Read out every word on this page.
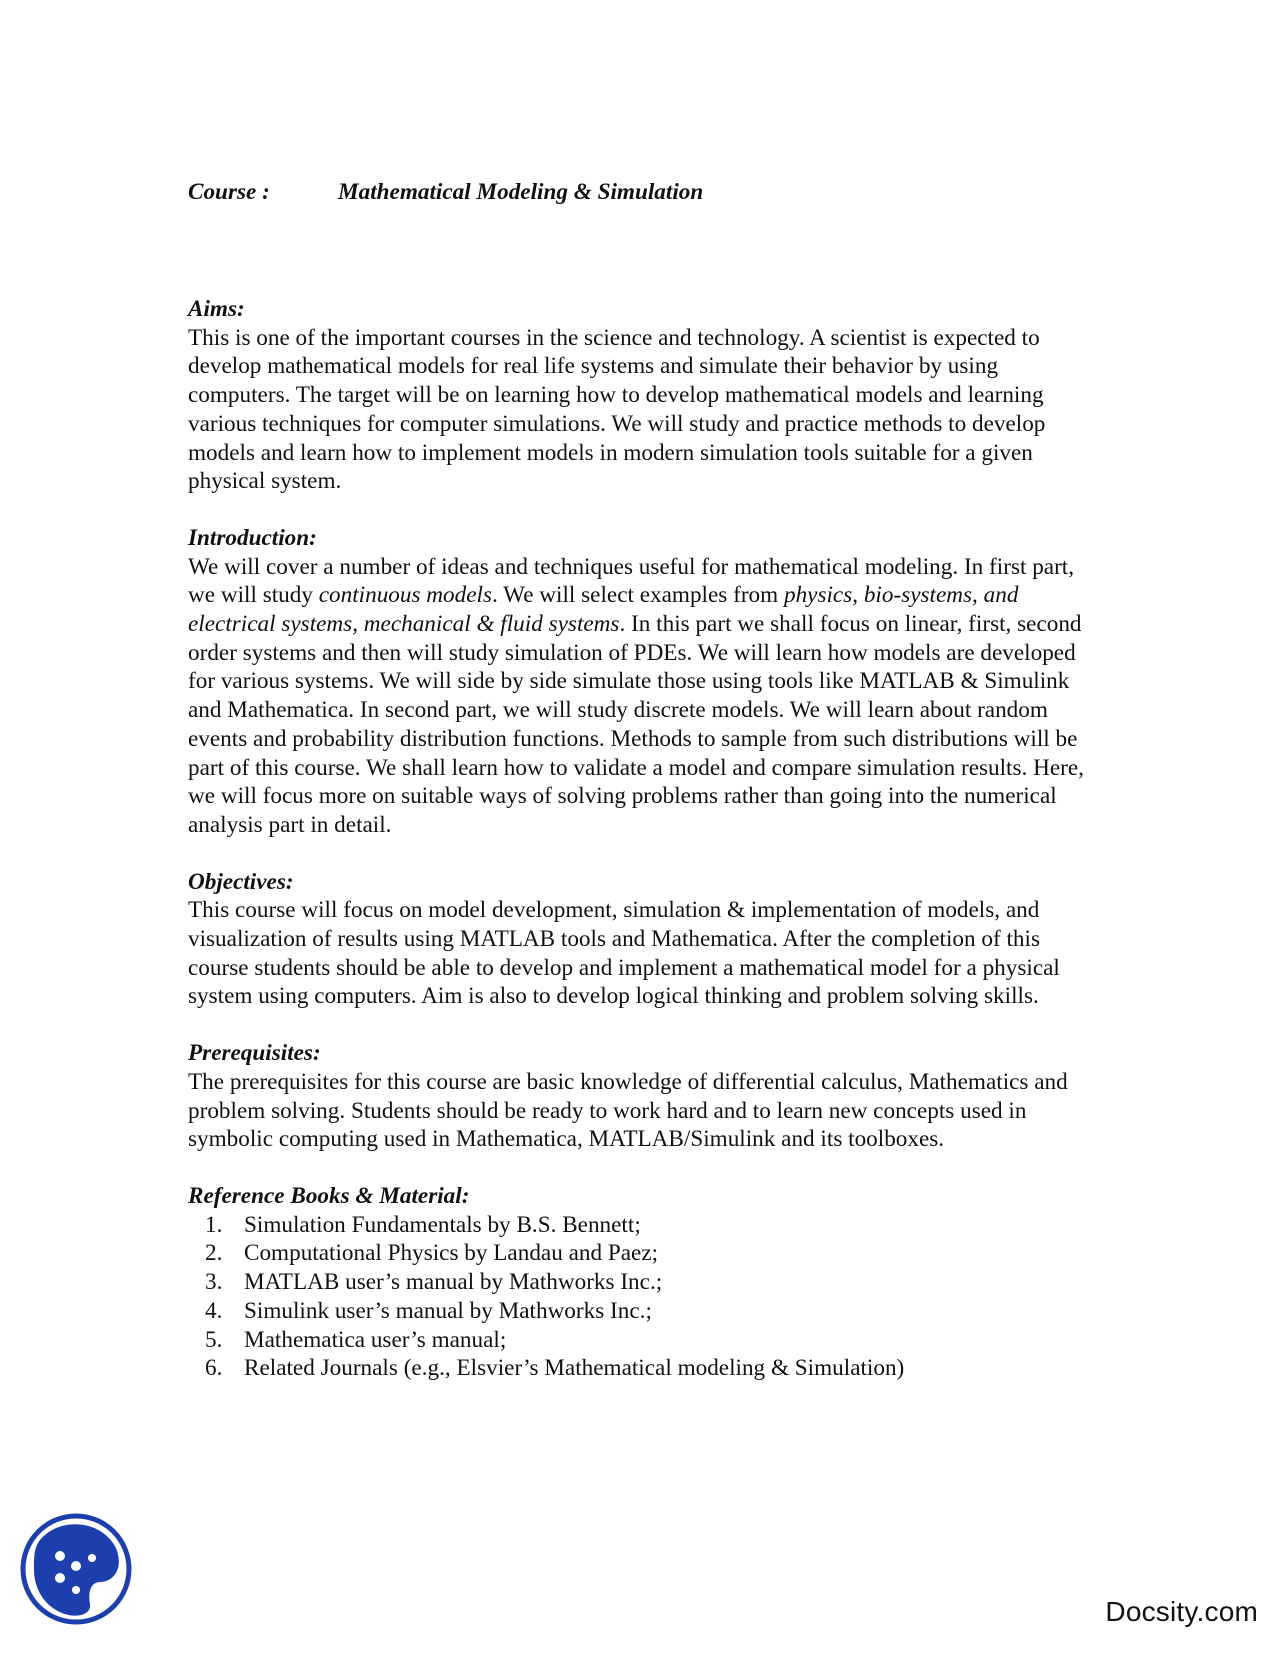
Course :	Mathematical Modeling & Simulation

Aims:

This is one of the important courses in the science and technology. A scientist is expected to develop mathematical models for real life systems and simulate their behavior by using computers. The target will be on learning how to develop mathematical models and learning various techniques for computer simulations. We will study and practice methods to develop models and learn how to implement models in modern simulation tools suitable for a given physical system.

Introduction:

We will cover a number of ideas and techniques useful for mathematical modeling. In first part, we will study continuous models. We will select examples from physics, bio-systems, and electrical systems, mechanical & fluid systems. In this part we shall focus on linear, first, second order systems and then will study simulation of PDEs. We will learn how models are developed for various systems. We will side by side simulate those using tools like MATLAB & Simulink and Mathematica. In second part, we will study discrete models. We will learn about random events and probability distribution functions. Methods to sample from such distributions will be part of this course. We shall learn how to validate a model and compare simulation results. Here, we will focus more on suitable ways of solving problems rather than going into the numerical analysis part in detail.

Objectives:

This course will focus on model development, simulation & implementation of models, and visualization of results using MATLAB tools and Mathematica. After the completion of this course students should be able to develop and implement a mathematical model for a physical system using computers. Aim is also to develop logical thinking and problem solving skills.

Prerequisites:

The prerequisites for this course are basic knowledge of differential calculus, Mathematics and problem solving. Students should be ready to work hard and to learn new concepts used in symbolic computing used in Mathematica, MATLAB/Simulink and its toolboxes.

Reference Books & Material:

1. Simulation Fundamentals by B.S. Bennett;
2. Computational Physics by Landau and Paez;
3. MATLAB user’s manual by Mathworks Inc.;
4. Simulink user’s manual by Mathworks Inc.;
5. Mathematica user’s manual;
6. Related Journals (e.g., Elsvier’s Mathematical modeling & Simulation)
Docsity.com
